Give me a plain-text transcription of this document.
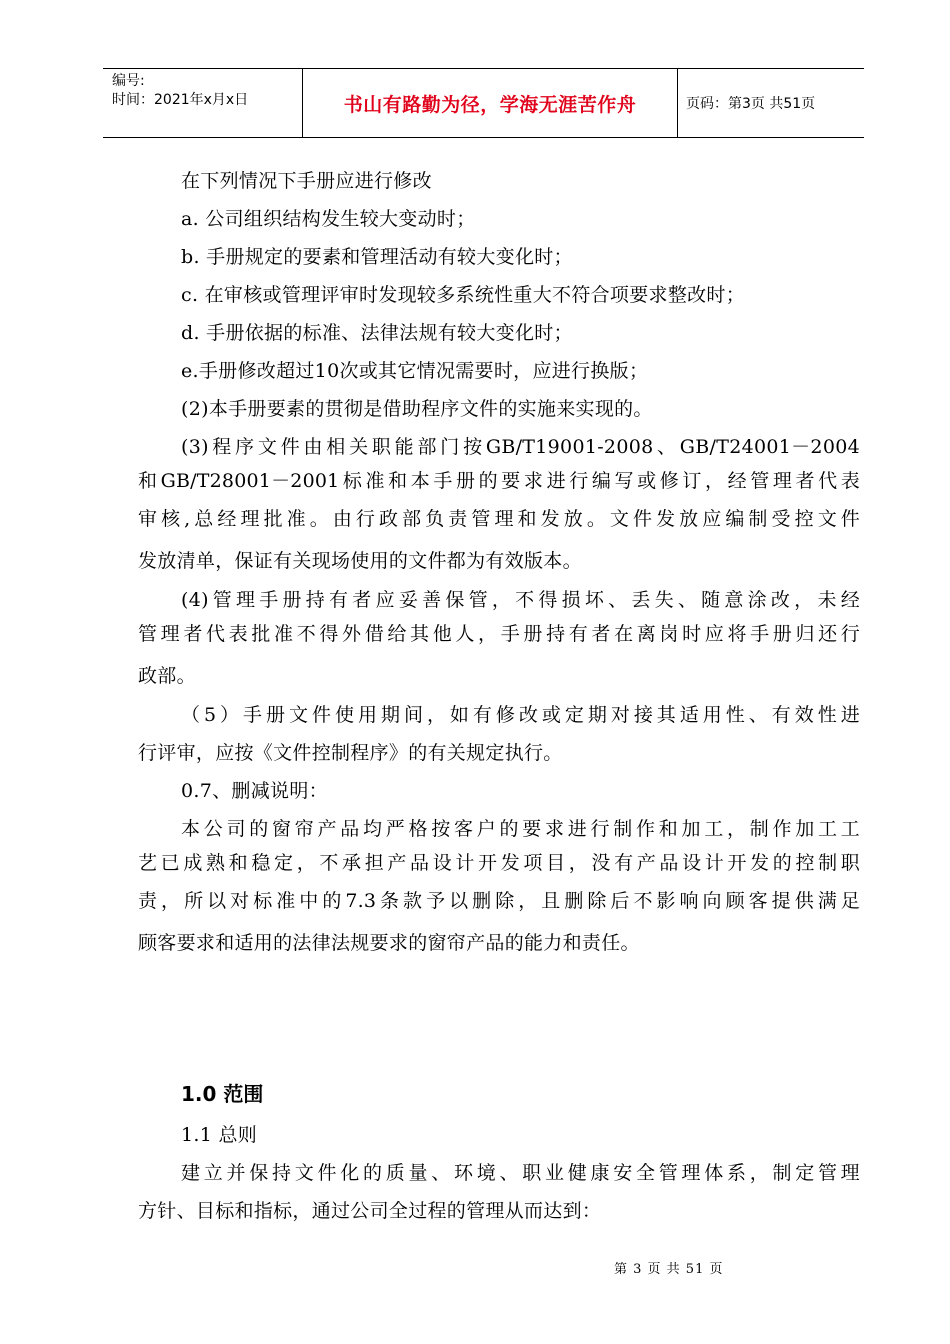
编号:
时间：2021年x月x日	书山有路勤为径，学海无涯苦作舟	页码：第3页 共51页
在下列情况下手册应进行修改
a. 公司组织结构发生较大变动时；
b. 手册规定的要素和管理活动有较大变化时；
c. 在审核或管理评审时发现较多系统性重大不符合项要求整改时；
d. 手册依据的标准、法律法规有较大变化时；
e.手册修改超过10次或其它情况需要时，应进行换版；
(2)本手册要素的贯彻是借助程序文件的实施来实现的。
(3)程序文件由相关职能部门按GB/T19001-2008、GB/T24001－2004
和GB/T28001－2001标准和本手册的要求进行编写或修订，经管理者代表
审核,总经理批准。由行政部负责管理和发放。文件发放应编制受控文件
发放清单，保证有关现场使用的文件都为有效版本。
(4)管理手册持有者应妥善保管，不得损坏、丢失、随意涂改，未经
管理者代表批准不得外借给其他人，手册持有者在离岗时应将手册归还行
政部。
（5）手册文件使用期间，如有修改或定期对接其适用性、有效性进
行评审，应按《文件控制程序》的有关规定执行。
0.7、删减说明：
本公司的窗帘产品均严格按客户的要求进行制作和加工，制作加工工
艺已成熟和稳定，不承担产品设计开发项目，没有产品设计开发的控制职
责，所以对标准中的7.3条款予以删除，且删除后不影响向顾客提供满足
顾客要求和适用的法律法规要求的窗帘产品的能力和责任。
1.0 范围
1.1 总则
建立并保持文件化的质量、环境、职业健康安全管理体系，制定管理
方针、目标和指标，通过公司全过程的管理从而达到：
第 3 页 共 51 页
